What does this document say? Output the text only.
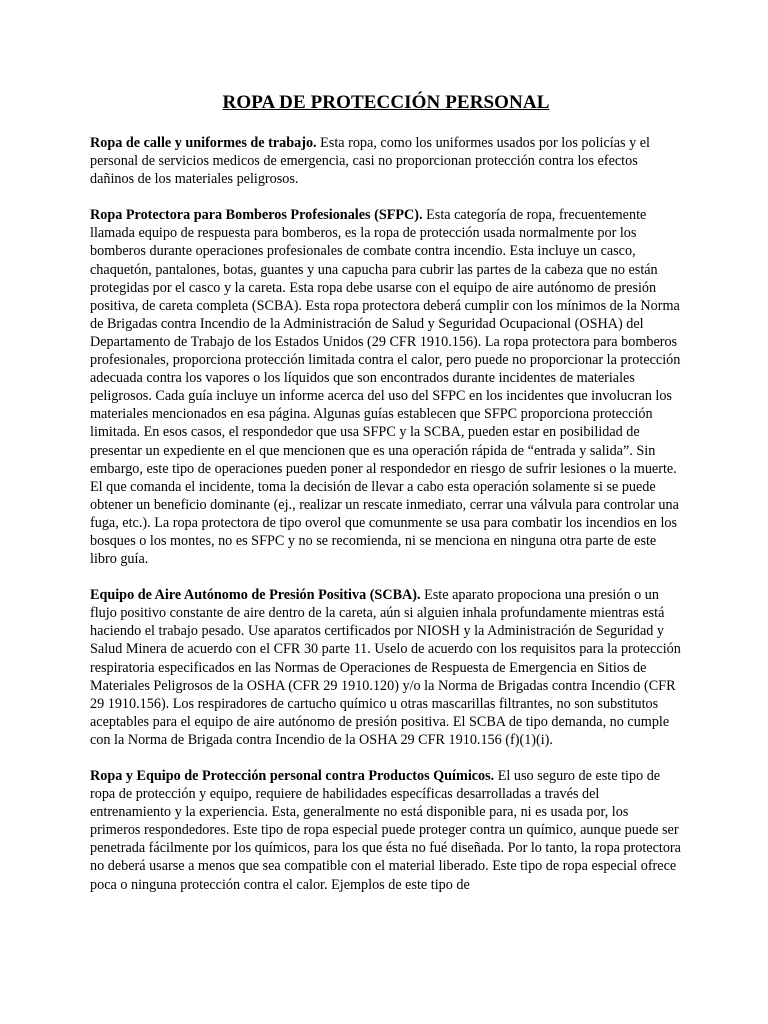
ROPA DE PROTECCIÓN PERSONAL

Ropa de calle y uniformes de trabajo. Esta ropa, como los uniformes usados por los policías y el personal de servicios medicos de emergencia, casi no proporcionan protección contra los efectos dañinos de los materiales peligrosos.

Ropa Protectora para Bomberos Profesionales (SFPC). Esta categoría de ropa, frecuentemente llamada equipo de respuesta para bomberos, es la ropa de protección usada normalmente por los bomberos durante operaciones profesionales de combate contra incendio. Esta incluye un casco, chaquetón, pantalones, botas, guantes y una capucha para cubrir las partes de la cabeza que no están protegidas por el casco y la careta. Esta ropa debe usarse con el equipo de aire autónomo de presión positiva, de careta completa (SCBA). Esta ropa protectora deberá cumplir con los mínimos de la Norma de Brigadas contra Incendio de la Administración de Salud y Seguridad Ocupacional (OSHA) del Departamento de Trabajo de los Estados Unidos (29 CFR 1910.156). La ropa protectora para bomberos profesionales, proporciona protección limitada contra el calor, pero puede no proporcionar la protección adecuada contra los vapores o los líquidos que son encontrados durante incidentes de materiales peligrosos. Cada guía incluye un informe acerca del uso del SFPC en los incidentes que involucran los materiales mencionados en esa página. Algunas guías establecen que SFPC proporciona protección limitada. En esos casos, el respondedor que usa SFPC y la SCBA, pueden estar en posibilidad de presentar un expediente en el que mencionen que es una operación rápida de “entrada y salida”. Sin embargo, este tipo de operaciones pueden poner al respondedor en riesgo de sufrir lesiones o la muerte. El que comanda el incidente, toma la decisión de llevar a cabo esta operación solamente si se puede obtener un beneficio dominante (ej., realizar un rescate inmediato, cerrar una válvula para controlar una fuga, etc.). La ropa protectora de tipo overol que comunmente se usa para combatir los incendios en los bosques o los montes, no es SFPC y no se recomienda, ni se menciona en ninguna otra parte de este libro guía.

Equipo de Aire Autónomo de Presión Positiva (SCBA). Este aparato propociona una presión o un flujo positivo constante de aire dentro de la careta, aún si alguien inhala profundamente mientras está haciendo el trabajo pesado. Use aparatos certificados por NIOSH y la Administración de Seguridad y Salud Minera de acuerdo con el CFR 30 parte 11. Uselo de acuerdo con los requisitos para la protección respiratoria especificados en las Normas de Operaciones de Respuesta de Emergencia en Sitios de Materiales Peligrosos de la OSHA (CFR 29 1910.120) y/o la Norma de Brigadas contra Incendio (CFR 29 1910.156). Los respiradores de cartucho químico u otras mascarillas filtrantes, no son substitutos aceptables para el equipo de aire autónomo de presión positiva. El SCBA de tipo demanda, no cumple con la Norma de Brigada contra Incendio de la OSHA 29 CFR 1910.156 (f)(1)(i).

Ropa y Equipo de Protección personal contra Productos Químicos. El uso seguro de este tipo de ropa de protección y equipo, requiere de habilidades específicas desarrolladas a través del entrenamiento y la experiencia. Esta, generalmente no está disponible para, ni es usada por, los primeros respondedores. Este tipo de ropa especial puede proteger contra un químico, aunque puede ser penetrada fácilmente por los químicos, para los que ésta no fué diseñada. Por lo tanto, la ropa protectora no deberá usarse a menos que sea compatible con el material liberado. Este tipo de ropa especial ofrece poca o ninguna protección contra el calor. Ejemplos de este tipo de
